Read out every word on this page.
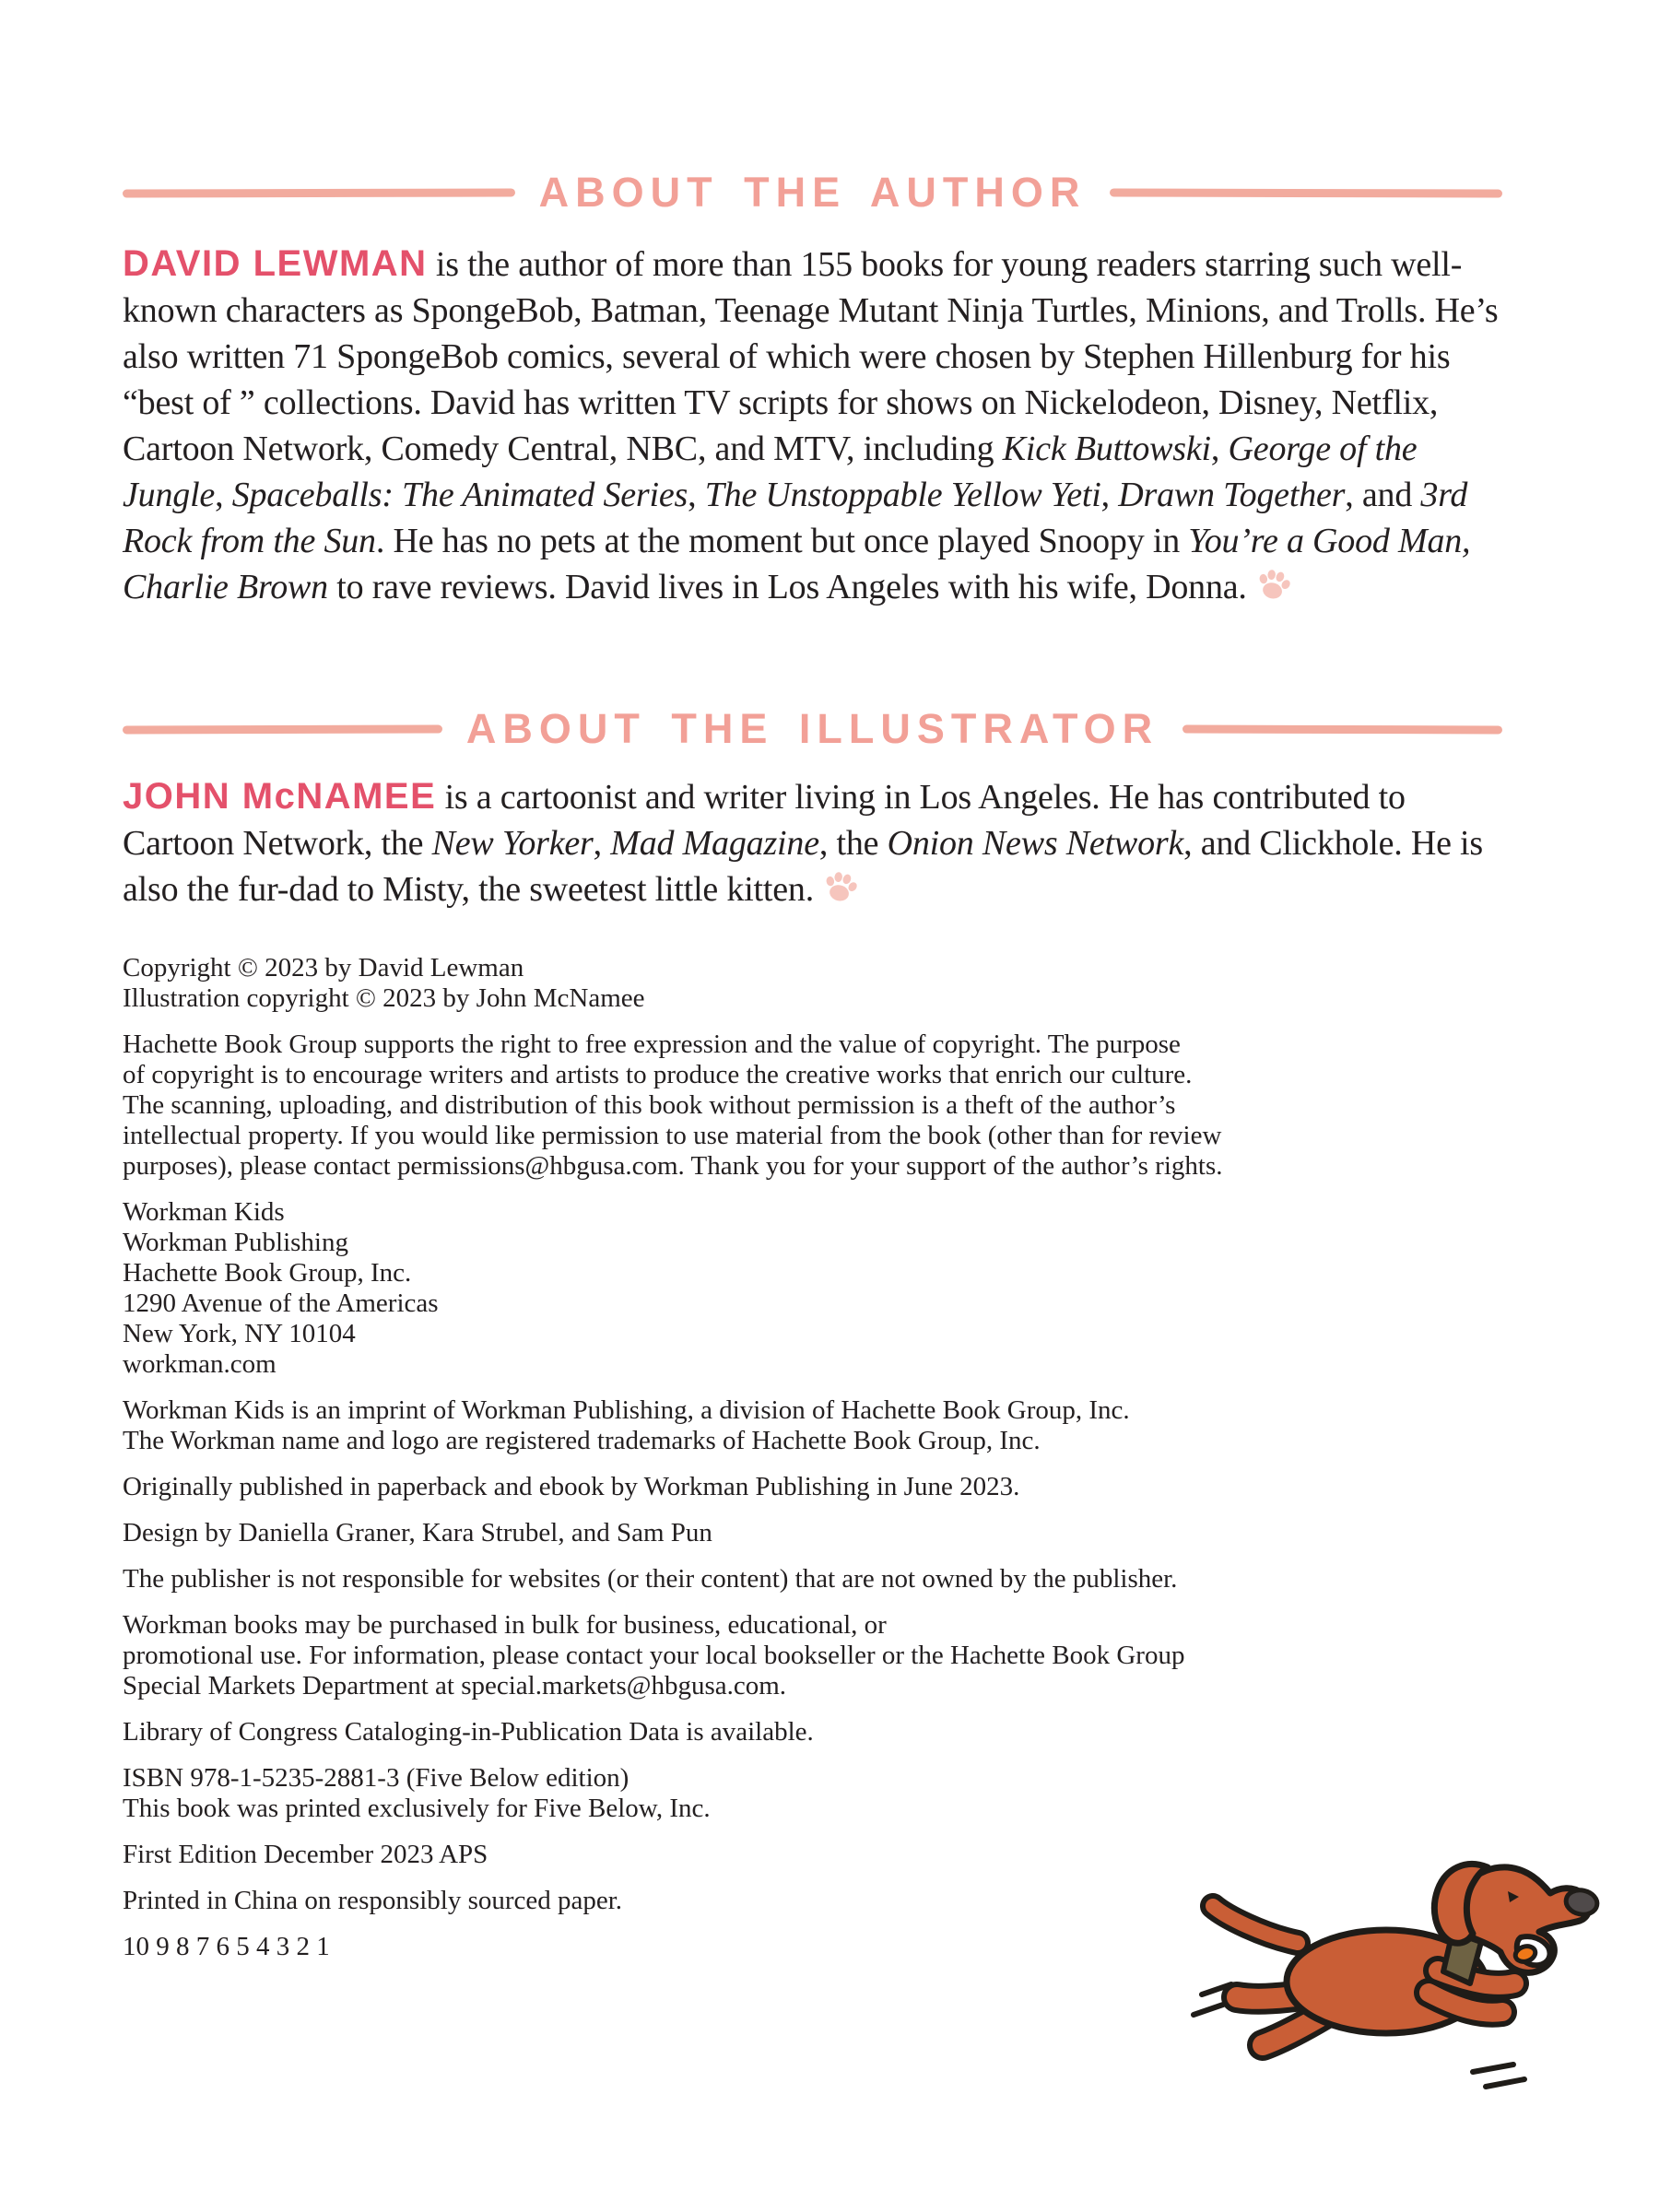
ABOUT THE AUTHOR

DAVID LEWMAN is the author of more than 155 books for young readers starring such well-known characters as SpongeBob, Batman, Teenage Mutant Ninja Turtles, Minions, and Trolls. He’s also written 71 SpongeBob comics, several of which were chosen by Stephen Hillenburg for his “best of ” collections. David has written TV scripts for shows on Nickelodeon, Disney, Netflix, Cartoon Network, Comedy Central, NBC, and MTV, including Kick Buttowski, George of the Jungle, Spaceballs: The Animated Series, The Unstoppable Yellow Yeti, Drawn Together, and 3rd Rock from the Sun. He has no pets at the moment but once played Snoopy in You’re a Good Man, Charlie Brown to rave reviews. David lives in Los Angeles with his wife, Donna.

ABOUT THE ILLUSTRATOR

JOHN McNAMEE is a cartoonist and writer living in Los Angeles. He has contributed to Cartoon Network, the New Yorker, Mad Magazine, the Onion News Network, and Clickhole. He is also the fur-dad to Misty, the sweetest little kitten.

Copyright © 2023 by David Lewman
Illustration copyright © 2023 by John McNamee
Hachette Book Group supports the right to free expression and the value of copyright. The purpose
of copyright is to encourage writers and artists to produce the creative works that enrich our culture.
The scanning, uploading, and distribution of this book without permission is a theft of the author’s
intellectual property. If you would like permission to use material from the book (other than for review
purposes), please contact permissions@hbgusa.com. Thank you for your support of the author’s rights.
Workman Kids
Workman Publishing
Hachette Book Group, Inc.
1290 Avenue of the Americas
New York, NY 10104
workman.com
Workman Kids is an imprint of Workman Publishing, a division of Hachette Book Group, Inc.
The Workman name and logo are registered trademarks of Hachette Book Group, Inc.
Originally published in paperback and ebook by Workman Publishing in June 2023.
Design by Daniella Graner, Kara Strubel, and Sam Pun
The publisher is not responsible for websites (or their content) that are not owned by the publisher.
Workman books may be purchased in bulk for business, educational, or
promotional use. For information, please contact your local bookseller or the Hachette Book Group
Special Markets Department at special.markets@hbgusa.com.
Library of Congress Cataloging-in-Publication Data is available.
ISBN 978-1-5235-2881-3 (Five Below edition)
This book was printed exclusively for Five Below, Inc.
First Edition December 2023 APS
Printed in China on responsibly sourced paper.
10 9 8 7 6 5 4 3 2 1
